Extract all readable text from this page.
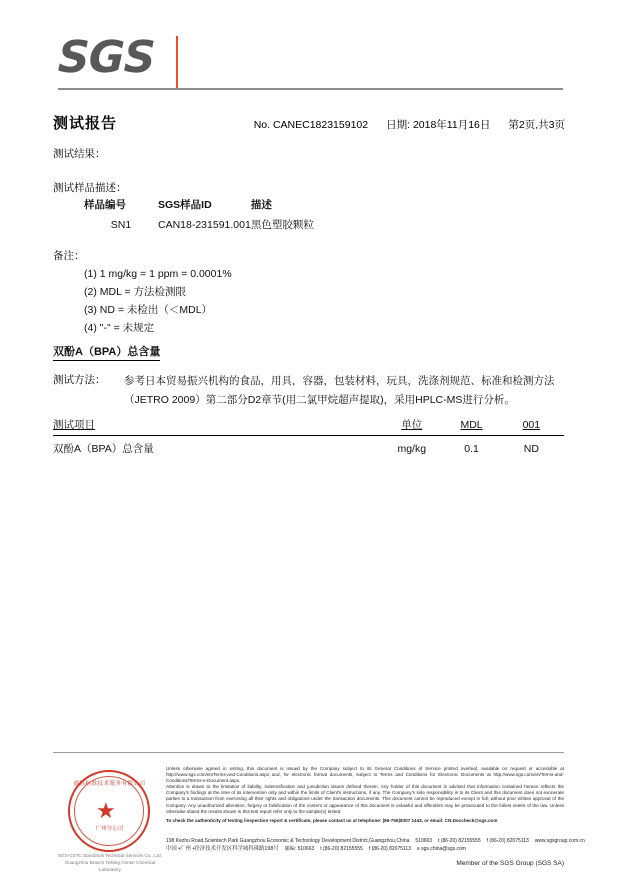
SGS
测试报告	No. CANEC1823159102 日期: 2018年11月16日 第2页,共3页
测试结果：
测试样品描述：
样品编号	SGS样品ID	描述
SN1	CAN18-231591.001	黑色塑胶颗粒
备注：
(1) 1 mg/kg = 1 ppm = 0.0001%
(2) MDL = 方法检测限
(3) ND = 未检出（＜MDL）
(4) "-" = 未规定
双酚A（BPA）总含量
测试方法： 参考日本贸易振兴机构的食品，用具，容器，包装材料，玩具，洗涤剂规范、标准和检测方法（JETRO 2009）第二部分D2章节(用二氯甲烷超声提取)，采用HPLC-MS进行分析。
测试项目	单位	MDL	001
双酚A（BPA）总含量	mg/kg	0.1	ND
通标标准技术服务有限公司
★
广州分公司
SGS-CSTC Standards Technical Services Co., Ltd. Guangzhou Branch Testing Center Chemical Laboratory
Unless otherwise agreed in writing, this document is issued by the Company subject to its General Conditions of Service printed overleaf, available on request or accessible at http://www.sgs.com/en/Terms-and-Conditions.aspx and, for electronic format documents, subject to Terms and Conditions for Electronic Documents at http://www.sgs.com/en/Terms-and-Conditions/Terms-e-Document.aspx.
Attention is drawn to the limitation of liability, indemnification and jurisdiction issues defined therein. Any holder of this document is advised that information contained hereon reflects the Company's findings at the time of its intervention only and within the limits of Client's instructions, if any. The Company's sole responsibility is to its Client and this document does not exonerate parties to a transaction from exercising all their rights and obligations under the transaction documents. This document cannot be reproduced except in full, without prior written approval of the Company. Any unauthorized alteration, forgery or falsification of the content or appearance of this document is unlawful and offenders may be prosecuted to the fullest extent of the law. Unless otherwise stated the results shown in this test report refer only to the sample(s) tested.
To check the authenticity of testing /inspection report & certificate, please contact us at telephone: (86-755)8307 1443, or email: CN.Doccheck@sgs.com
198 Kezhu Road,Scientech Park Guangzhou Economic & Technology Development District,Guangzhou,China 510663 t (86-20) 82155555 f (86-20) 82075113 www.sgsgroup.com.cn
中国 •广州 •经济技术开发区科学城科珠路198号 邮编: 510663 t (86-20) 82155555 f (86-20) 82075113 e sgs.china@sgs.com
Member of the SGS Group (SGS SA)
